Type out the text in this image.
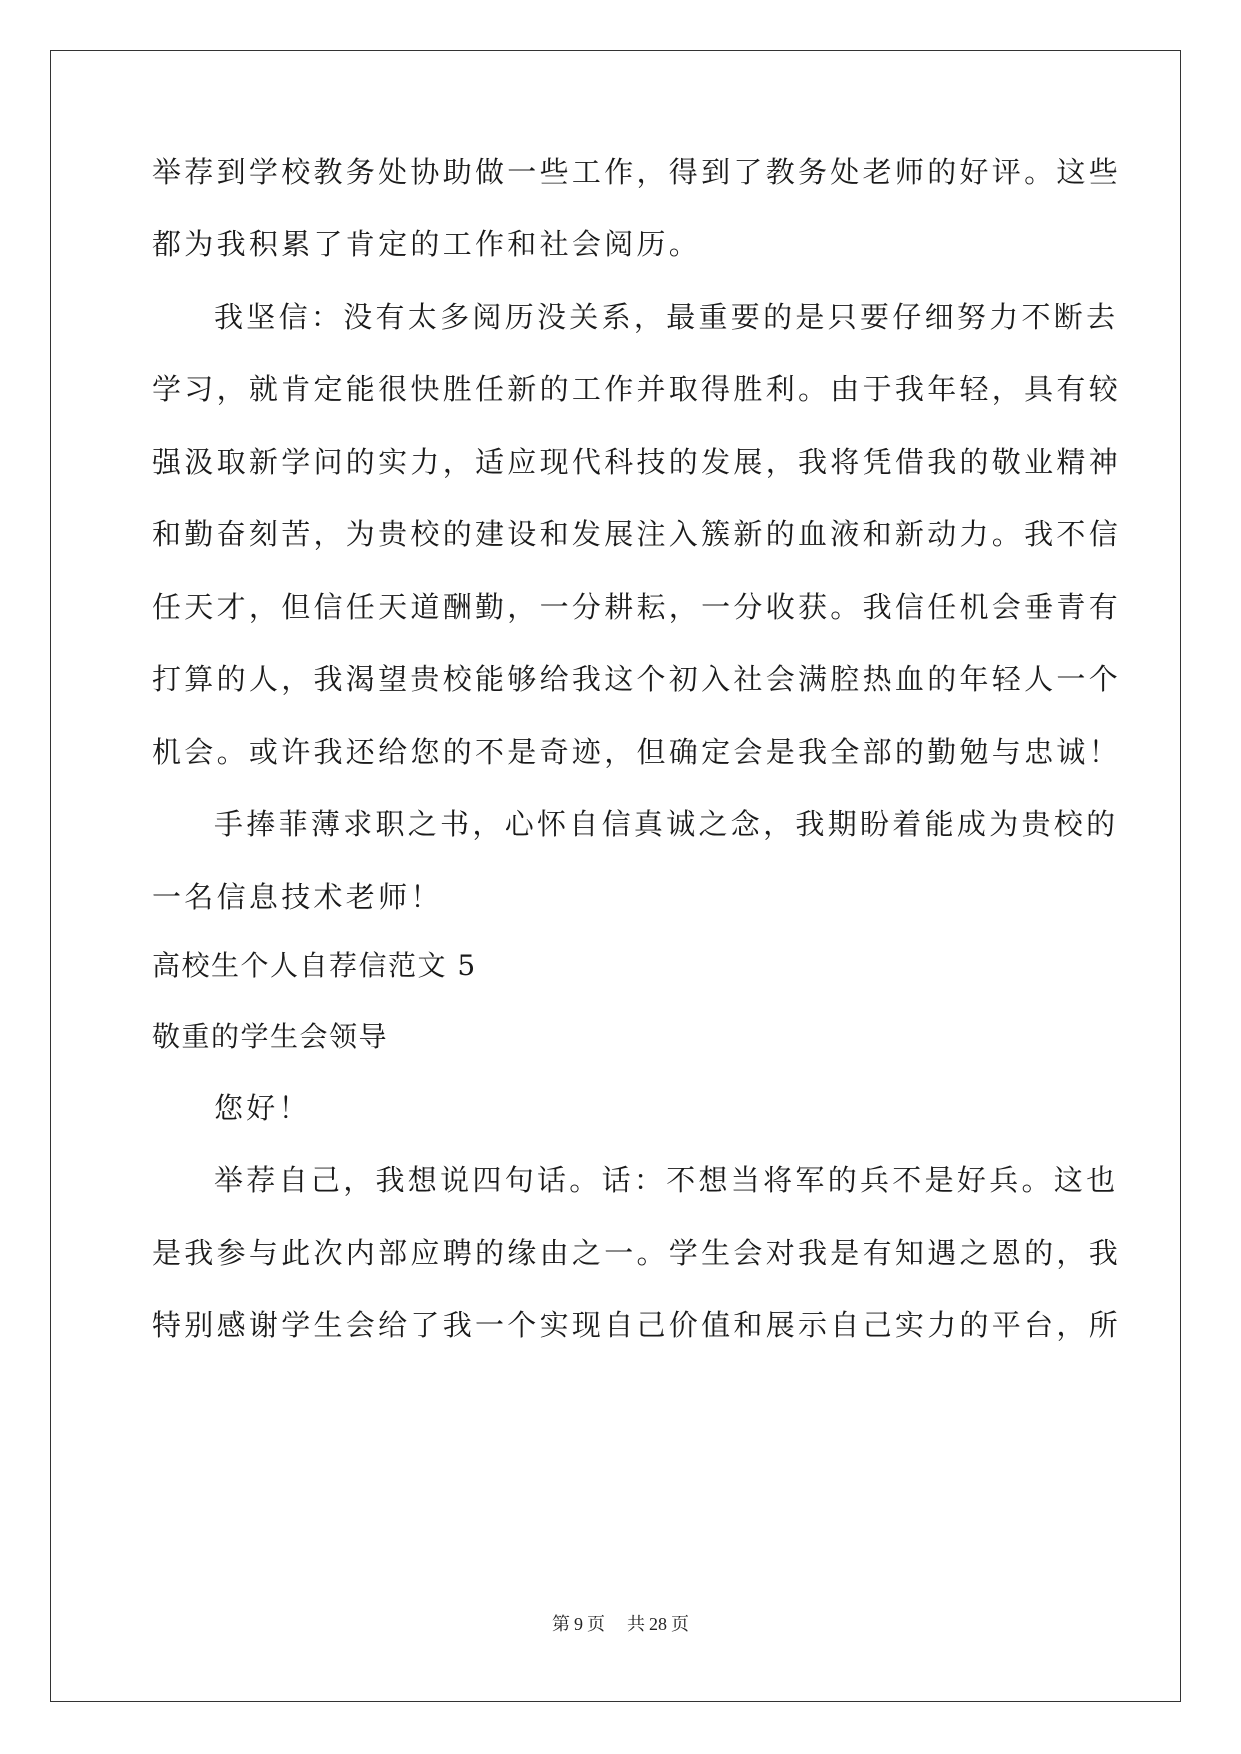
举荐到学校教务处协助做一些工作，得到了教务处老师的好评。这些
都为我积累了肯定的工作和社会阅历。
我坚信：没有太多阅历没关系，最重要的是只要仔细努力不断去
学习，就肯定能很快胜任新的工作并取得胜利。由于我年轻，具有较
强汲取新学问的实力，适应现代科技的发展，我将凭借我的敬业精神
和勤奋刻苦，为贵校的建设和发展注入簇新的血液和新动力。我不信
任天才，但信任天道酬勤，一分耕耘，一分收获。我信任机会垂青有
打算的人，我渴望贵校能够给我这个初入社会满腔热血的年轻人一个
机会。或许我还给您的不是奇迹，但确定会是我全部的勤勉与忠诚！
手捧菲薄求职之书，心怀自信真诚之念，我期盼着能成为贵校的
一名信息技术老师！
高校生个人自荐信范文 5
敬重的学生会领导
您好！
举荐自己，我想说四句话。话：不想当将军的兵不是好兵。这也
是我参与此次内部应聘的缘由之一。学生会对我是有知遇之恩的，我
特别感谢学生会给了我一个实现自己价值和展示自己实力的平台，所
第 9 页 共 28 页
